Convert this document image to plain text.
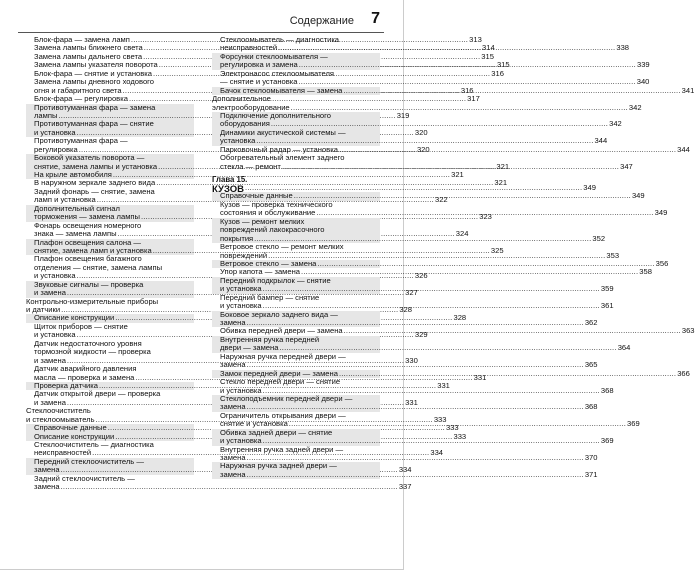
Содержание 7
Блок-фара — замена ламп .....	313
Замена лампы ближнего света .....	314
Замена лампы дальнего света .....	315
Замена лампы указателя поворота .....	315
Блок-фара — снятие и установка .....	316
Замена лампы дневного ходового
огня и габаритного света .....	316
Блок-фара — регулировка .....	317
Противотуманная фара — замена
лампы .....	319
Противотуманная фара — снятие
и установка .....	320
Противотуманная фара —
регулировка .....	320
Боковой указатель поворота —
снятие, замена лампы и установка .....	321
На крыле автомобиля .....	321
В наружном зеркале заднего вида .....	321
Задний фонарь — снятие, замена
ламп и установка .....	322
Дополнительный сигнал
торможения — замена лампы .....	323
Фонарь освещения номерного
знака — замена лампы .....	324
Плафон освещения салона —
снятие, замена ламп и установка .....	325
Плафон освещения багажного
отделения — снятие, замена лампы
и установка .....	326
Звуковые сигналы — проверка
и замена .....	327
Контрольно-измерительные приборы
и датчики .....	328
Описание конструкции .....	328
Щиток приборов — снятие
и установка .....	329
Датчик недостаточного уровня
тормозной жидкости — проверка
и замена .....	330
Датчик аварийного давления
масла — проверка и замена .....	331
Проверка датчика .....	331
Датчик открытой двери — проверка
и замена .....	331
Стеклоочиститель
и стеклоомыватель .....	333
Справочные данные .....	333
Описание конструкции .....	333
Стеклоочиститель — диагностика
неисправностей .....	334
Передний стеклоочиститель —
замена .....	334
Задний стеклоочиститель —
замена .....	337
Стеклоомыватель — диагностика
неисправностей .....	338
Форсунки стеклоомывателя —
регулировка и замена .....	339
Электронасос стеклоомывателя
— снятие и установка .....	340
Бачок стеклоомывателя — замена .....	341
Дополнительное
электрооборудование .....	342
Подключение дополнительного
оборудования .....	342
Динамики акустической системы —
установка .....	344
Парковочный радар — установка .....	344
Обогревательный элемент заднего
стекла — ремонт .....	347
Глава 15.
КУЗОВ .....	349
Справочные данные .....	349
Кузов — проверка технического
состояния и обслуживание .....	349
Кузов — ремонт мелких
повреждений лакокрасочного
покрытия .....	352
Ветровое стекло — ремонт мелких
повреждений .....	353
Ветровое стекло — замена .....	356
Упор капота — замена .....	358
Передний подкрылок — снятие
и установка .....	359
Передний бампер — снятие
и установка .....	361
Боковое зеркало заднего вида —
замена .....	362
Обивка передней двери — замена .....	363
Внутренняя ручка передней
двери — замена .....	364
Наружная ручка передней двери —
замена .....	365
Замок передней двери — замена .....	366
Стекло передней двери — снятие
и установка .....	368
Стеклоподъемник передней двери —
замена .....	368
Ограничитель открывания двери —
снятие и установка .....	369
Обивка задней двери — снятие
и установка .....	369
Внутренняя ручка задней двери —
замена .....	370
Наружная ручка задней двери —
замена .....	371
